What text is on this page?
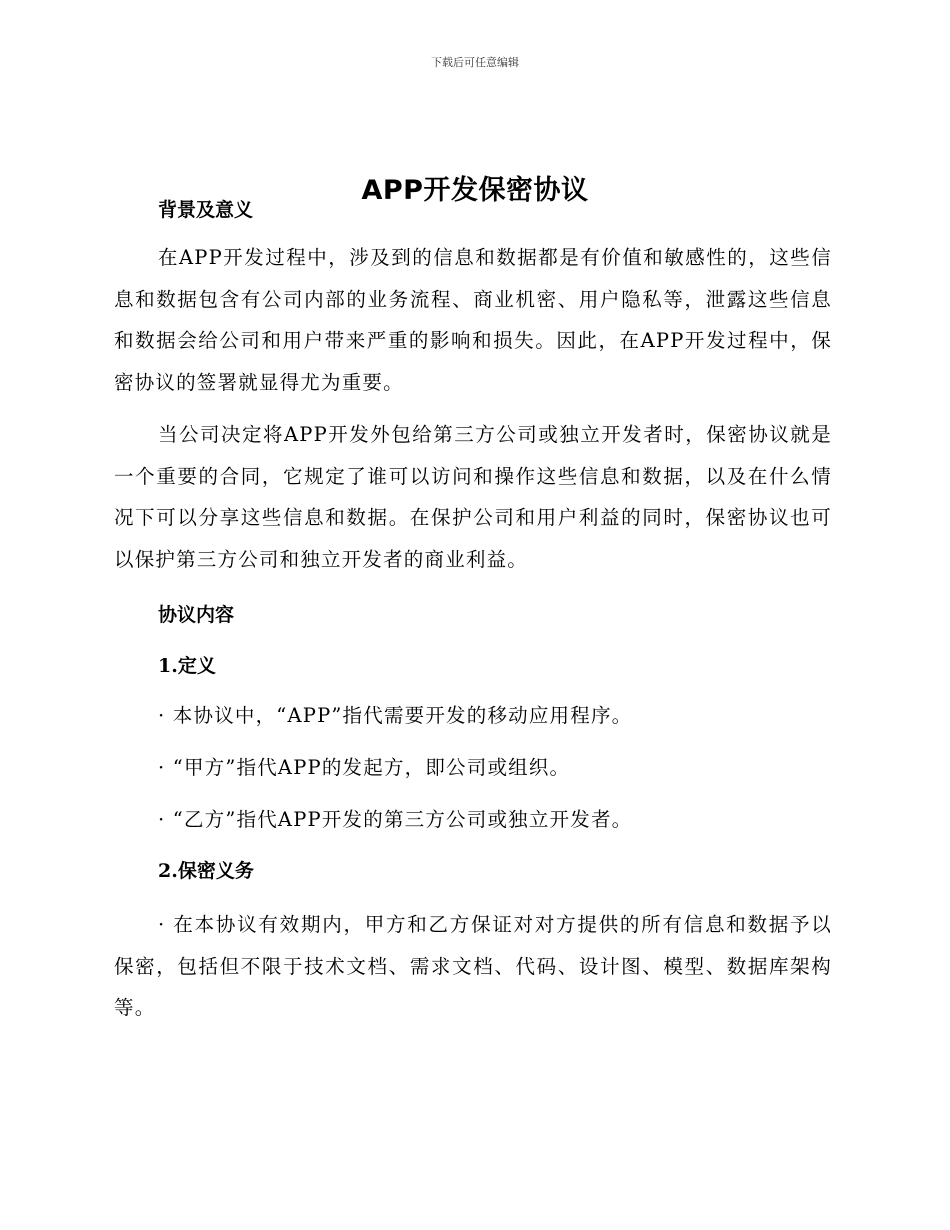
下载后可任意编辑
APP开发保密协议
背景及意义

在APP开发过程中，涉及到的信息和数据都是有价值和敏感性的，这些信息和数据包含有公司内部的业务流程、商业机密、用户隐私等，泄露这些信息和数据会给公司和用户带来严重的影响和损失。因此，在APP开发过程中，保密协议的签署就显得尤为重要。

当公司决定将APP开发外包给第三方公司或独立开发者时，保密协议就是一个重要的合同，它规定了谁可以访问和操作这些信息和数据，以及在什么情况下可以分享这些信息和数据。在保护公司和用户利益的同时，保密协议也可以保护第三方公司和独立开发者的商业利益。

协议内容
1.定义

· 本协议中，“APP”指代需要开发的移动应用程序。

· “甲方”指代APP的发起方，即公司或组织。

· “乙方”指代APP开发的第三方公司或独立开发者。

2.保密义务

· 在本协议有效期内，甲方和乙方保证对对方提供的所有信息和数据予以保密，包括但不限于技术文档、需求文档、代码、设计图、模型、数据库架构等。
